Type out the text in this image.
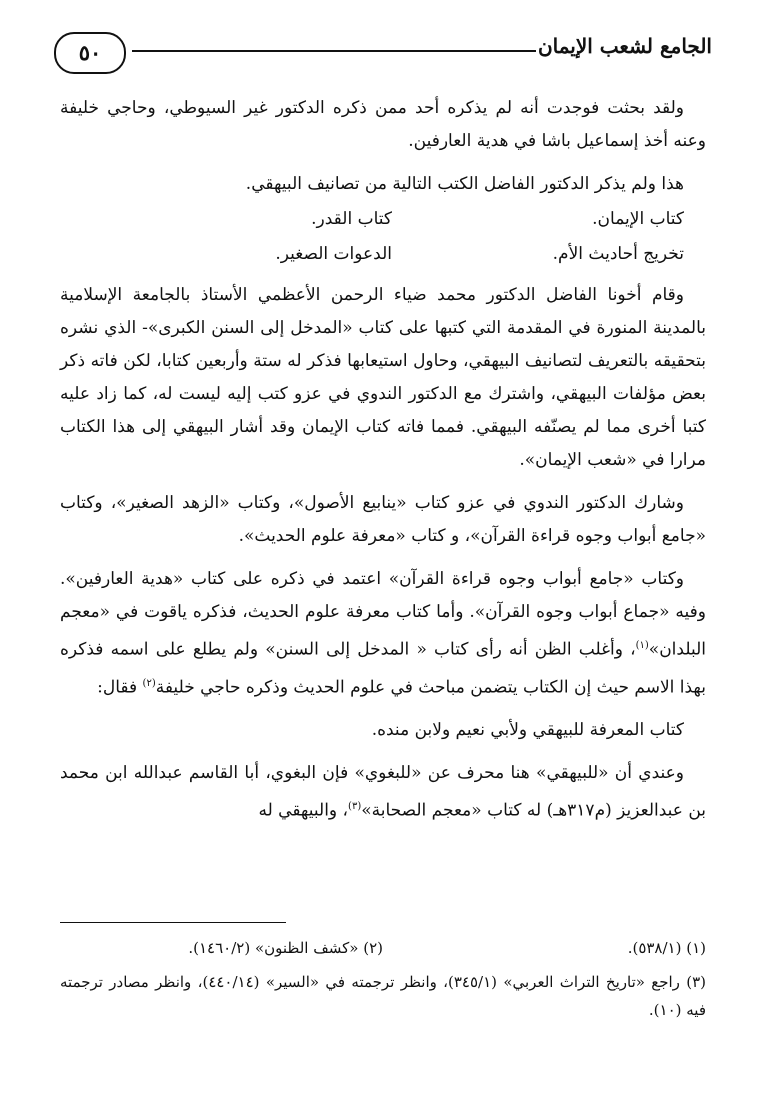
٥٠	الجامع لشعب الإيمان

ولقد بحثت فوجدت أنه لم يذكره أحد ممن ذكره الدكتور غير السيوطي، وحاجي خليفة وعنه أخذ إسماعيل باشا في هدية العارفين.

هذا ولم يذكر الدكتور الفاضل الكتب التالية من تصانيف البيهقي.

كتاب الإيمان.
كتاب القدر.
تخريج أحاديث الأم.
الدعوات الصغير.

وقام أخونا الفاضل الدكتور محمد ضياء الرحمن الأعظمي الأستاذ بالجامعة الإسلامية بالمدينة المنورة في المقدمة التي كتبها على كتاب «المدخل إلى السنن الكبرى»- الذي نشره بتحقيقه بالتعريف لتصانيف البيهقي، وحاول استيعابها فذكر له ستة وأربعين كتابا، لكن فاته ذكر بعض مؤلفات البيهقي، واشترك مع الدكتور الندوي في عزو كتب إليه ليست له، كما زاد عليه كتبا أخرى مما لم يصنّفه البيهقي. فمما فاته كتاب الإيمان وقد أشار البيهقي إلى هذا الكتاب مرارا في «شعب الإيمان».

وشارك الدكتور الندوي في عزو كتاب «ينابيع الأصول»، وكتاب «الزهد الصغير»، وكتاب «جامع أبواب وجوه قراءة القرآن»، و كتاب «معرفة علوم الحديث».

وكتاب «جامع أبواب وجوه قراءة القرآن» اعتمد في ذكره على كتاب «هدية العارفين». وفيه «جماع أبواب وجوه القرآن». وأما كتاب معرفة علوم الحديث، فذكره ياقوت في «معجم البلدان»$^{(١)}$، وأغلب الظن أنه رأى كتاب « المدخل إلى السنن» ولم يطلع على اسمه فذكره بهذا الاسم حيث إن الكتاب يتضمن مباحث في علوم الحديث وذكره حاجي خليفة$^{(٢)}$ فقال:

كتاب المعرفة للبيهقي ولأبي نعيم ولابن منده.

وعندي أن «للبيهقي» هنا محرف عن «للبغوي» فإن البغوي، أبا القاسم عبدالله ابن محمد بن عبدالعزيز (م٣١٧هـ) له كتاب «معجم الصحابة»$^{(٣)}$، والبيهقي له

(١) (٥٣٨/١).
(٢) «كشف الظنون» (١٤٦٠/٢).

(٣) راجع «تاريخ التراث العربي» (٣٤٥/١)، وانظر ترجمته في «السير» (٤٤٠/١٤)، وانظر مصادر ترجمته فيه (١٠).
